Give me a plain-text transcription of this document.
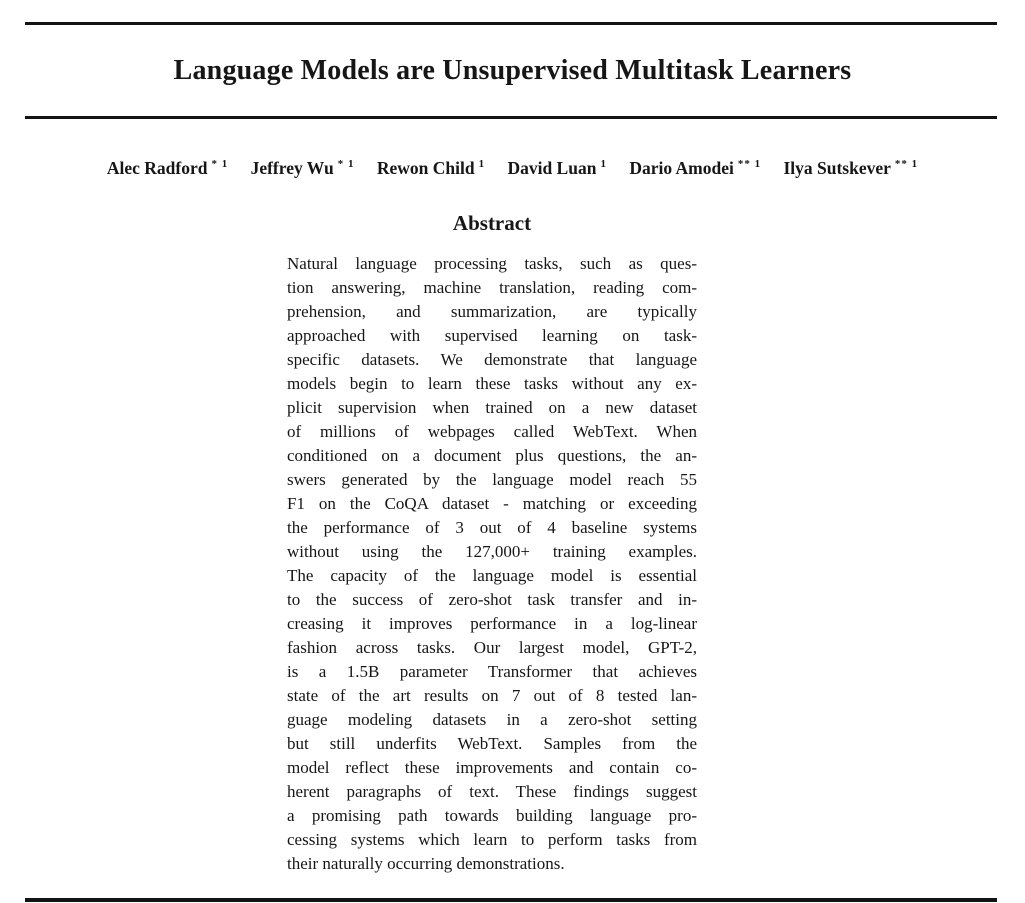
Language Models are Unsupervised Multitask Learners
Alec Radford $^{* 1}$ Jeffrey Wu $^{* 1}$ Rewon Child $^1$ David Luan $^1$ Dario Amodei $^{** 1}$ Ilya Sutskever $^{** 1}$
Abstract
Natural language processing tasks, such as ques-
tion answering, machine translation, reading com-
prehension, and summarization, are typically
approached with supervised learning on task-
specific datasets. We demonstrate that language
models begin to learn these tasks without any ex-
plicit supervision when trained on a new dataset
of millions of webpages called WebText. When
conditioned on a document plus questions, the an-
swers generated by the language model reach 55
F1 on the CoQA dataset - matching or exceeding
the performance of 3 out of 4 baseline systems
without using the 127,000+ training examples.
The capacity of the language model is essential
to the success of zero-shot task transfer and in-
creasing it improves performance in a log-linear
fashion across tasks. Our largest model, GPT-2,
is a 1.5B parameter Transformer that achieves
state of the art results on 7 out of 8 tested lan-
guage modeling datasets in a zero-shot setting
but still underfits WebText. Samples from the
model reflect these improvements and contain co-
herent paragraphs of text. These findings suggest
a promising path towards building language pro-
cessing systems which learn to perform tasks from
their naturally occurring demonstrations.
